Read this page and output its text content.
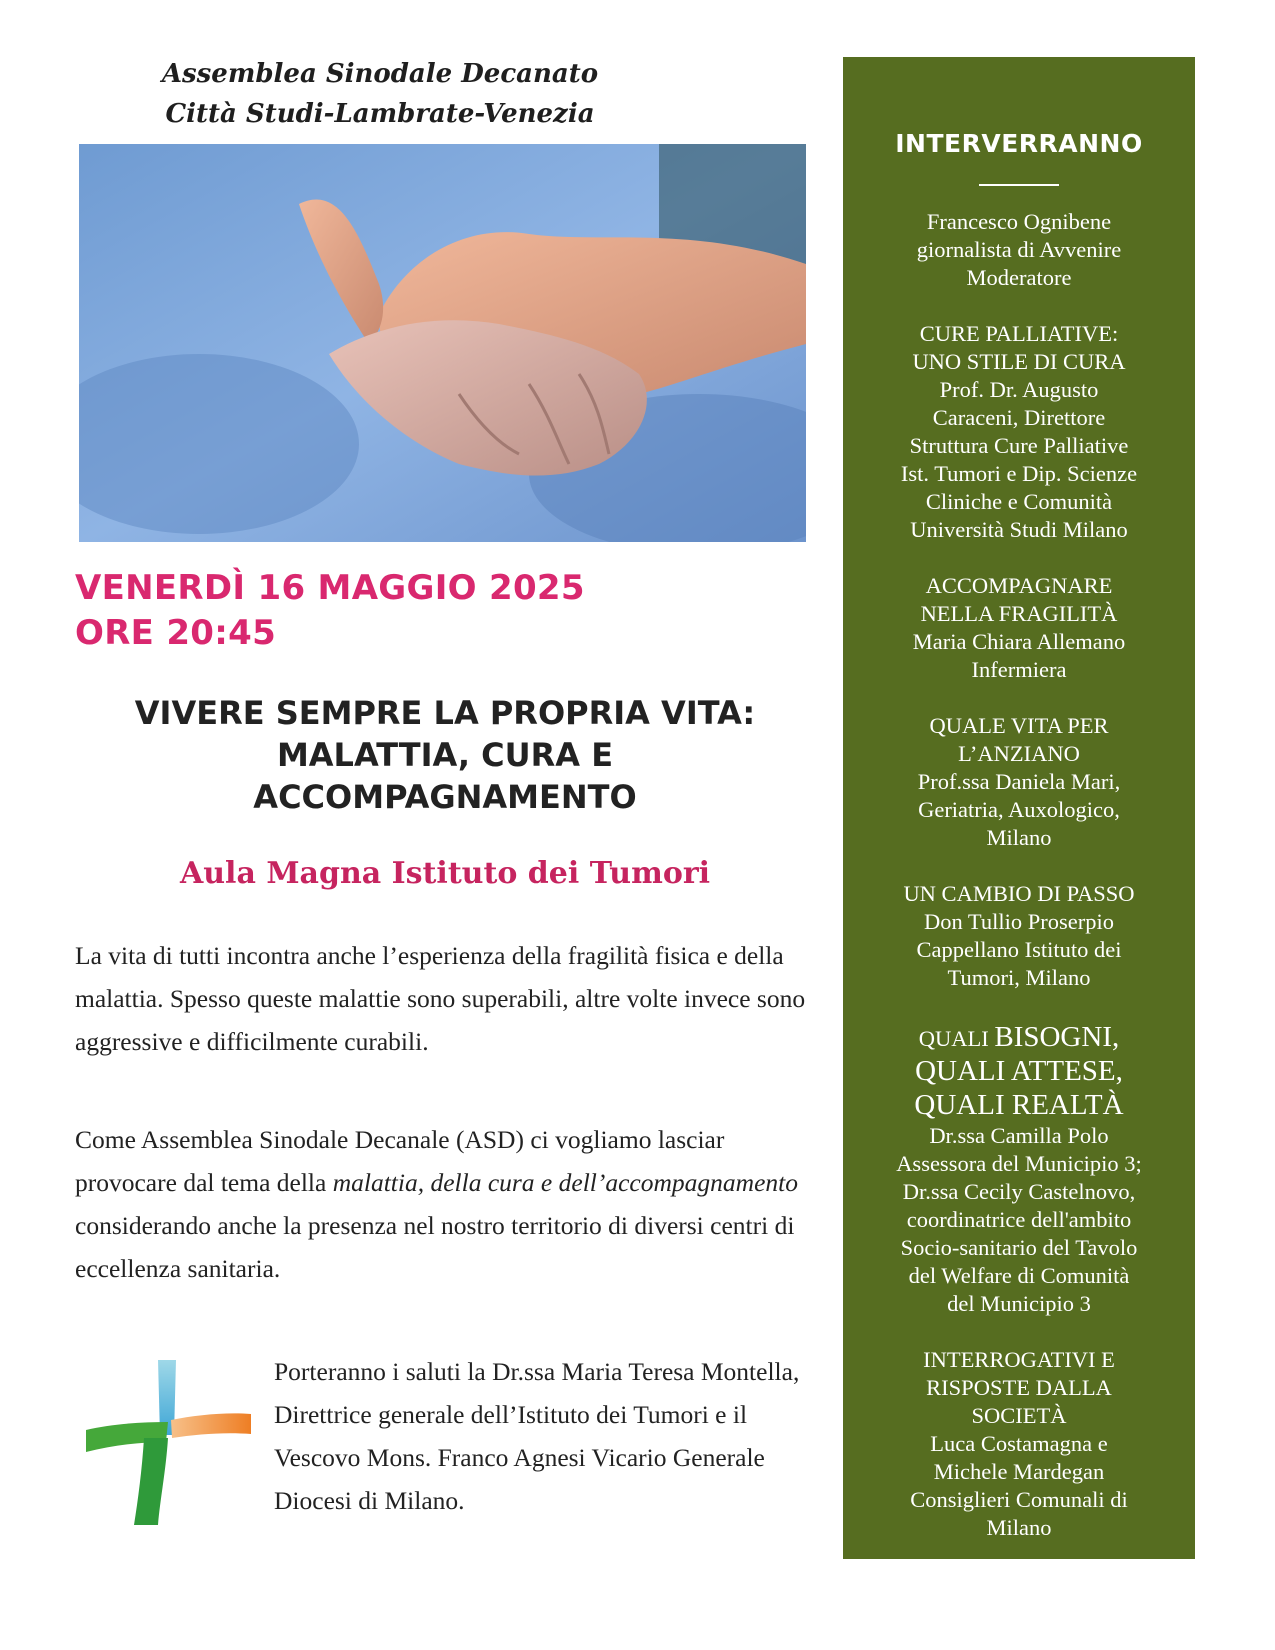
Assemblea Sinodale Decanato
Città Studi-Lambrate-Venezia
VENERDÌ 16 MAGGIO 2025
ORE 20:45
VIVERE SEMPRE LA PROPRIA VITA:
MALATTIA, CURA E
ACCOMPAGNAMENTO
Aula Magna Istituto dei Tumori
La vita di tutti incontra anche l’esperienza della fragilità fisica e della malattia. Spesso queste malattie sono superabili, altre volte invece sono aggressive e difficilmente curabili.
Come Assemblea Sinodale Decanale (ASD) ci vogliamo lasciar provocare dal tema della malattia, della cura e dell’accompagnamento considerando anche la presenza nel nostro territorio di diversi centri di eccellenza sanitaria.
Porteranno i saluti la Dr.ssa Maria Teresa Montella, Direttrice generale dell’Istituto dei Tumori e il Vescovo Mons. Franco Agnesi Vicario Generale Diocesi di Milano.
INTERVERRANNO
Francesco Ognibene
giornalista di Avvenire
Moderatore
CURE PALLIATIVE:
UNO STILE DI CURA
Prof. Dr. Augusto
Caraceni, Direttore
Struttura Cure Palliative
Ist. Tumori e Dip. Scienze
Cliniche e Comunità
Università Studi Milano
ACCOMPAGNARE
NELLA FRAGILITÀ
Maria Chiara Allemano
Infermiera
QUALE VITA PER
L’ANZIANO
Prof.ssa Daniela Mari,
Geriatria, Auxologico,
Milano
UN CAMBIO DI PASSO
Don Tullio Proserpio
Cappellano Istituto dei
Tumori, Milano
QUALI BISOGNI,
QUALI ATTESE,
QUALI REALTÀ
Dr.ssa Camilla Polo
Assessora del Municipio 3;
Dr.ssa Cecily Castelnovo,
coordinatrice dell'ambito
Socio-sanitario del Tavolo
del Welfare di Comunità
del Municipio 3
INTERROGATIVI E
RISPOSTE DALLA
SOCIETÀ
Luca Costamagna e
Michele Mardegan
Consiglieri Comunali di
Milano
